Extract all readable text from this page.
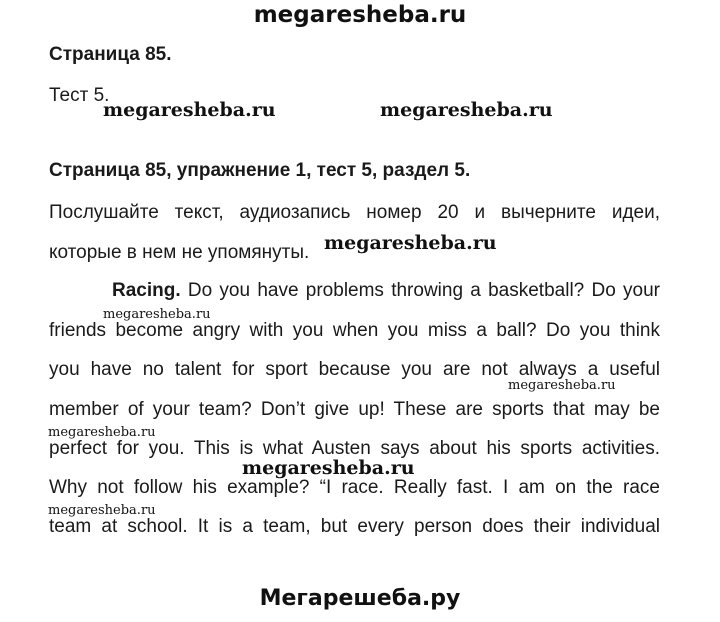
megaresheba.ru
Страница 85.
Тест 5.
megaresheba.ru	megaresheba.ru
Страница 85, упражнение 1, тест 5, раздел 5.
Послушайте текст, аудиозапись номер 20 и вычерните идеи,
которые в нем не упомянуты. megaresheba.ru
Racing. Do you have problems throwing a basketball? Do your
megaresheba.ru
friends become angry with you when you miss a ball? Do you think
you have no talent for sport because you are not always a useful
megaresheba.ru
member of your team? Don’t give up! These are sports that may be
megaresheba.ru
perfect for you. This is what Austen says about his sports activities.
megaresheba.ru
Why not follow his example? “I race. Really fast. I am on the race
megaresheba.ru
team at school. It is a team, but every person does their individual
Мегарешеба.ру
